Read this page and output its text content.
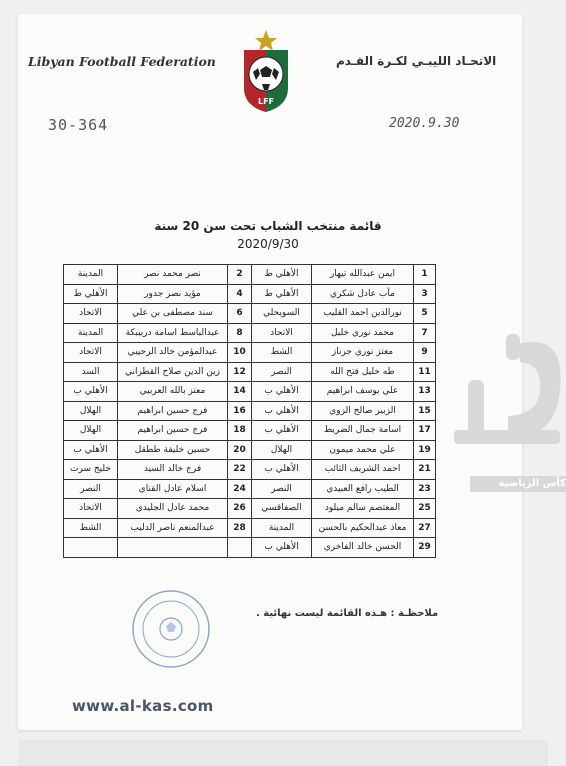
Libyan Football Federation	الاتحـاد الليبـي لكـرة القـدم
LFF
30-364	2020.9.30
قائمة منتخب الشباب تحت سن 20 سنة
2020/9/30
1	ايمن عبدالله تيهار	الأهلي ط	2	نصر محمد نصر	المدينة
3	مآب عادل شكري	الأهلي ط	4	مؤيد نصر جدور	الأهلي ط
5	نورالدين احمد القليب	السويحلي	6	سند مصطفى بن علي	الاتحاد
7	محمد نوري خليل	الاتحاد	8	عبدالباسط اسامة دربيبكة	المدينة
9	معتز نوري جرناز	الشط	10	عبدالمؤمن خالد الرحيبي	الاتحاد
11	طه خليل فتح الله	النصر	12	زين الدين صلاح القطراني	السد
13	علي يوسف ابراهيم	الأهلي ب	14	معتز بالله العربيي	الأهلي ب
15	الزبير صالح الزوي	الأهلي ب	16	فرج حسين ابراهيم	الهلال
17	اسامة جمال الضريط	الأهلي ب	18	فرج حسين ابراهيم	الهلال
19	علي محمد ميمون	الهلال	20	حسين خليفة ططقل	الأهلي ب
21	احمد الشريف الثائب	الأهلي ب	22	فرج خالد السيد	خليج سرت
23	الطيب رافع العبيدي	النصر	24	اسلام عادل القناي	النصر
25	المعتصم سالم ميلود	الصفاقسي	26	محمد عادل الجليدي	الاتحاد
27	معاذ عبدالحكيم بالحسن	المدينة	28	عبدالمنعم ناصر الدليب	الشط
29	الحسن خالد الفاخري	الأهلي ب			
ملاحظـة : هـذه القائمة ليست نهائية .
كأس الرياضية
www.al-kas.com
